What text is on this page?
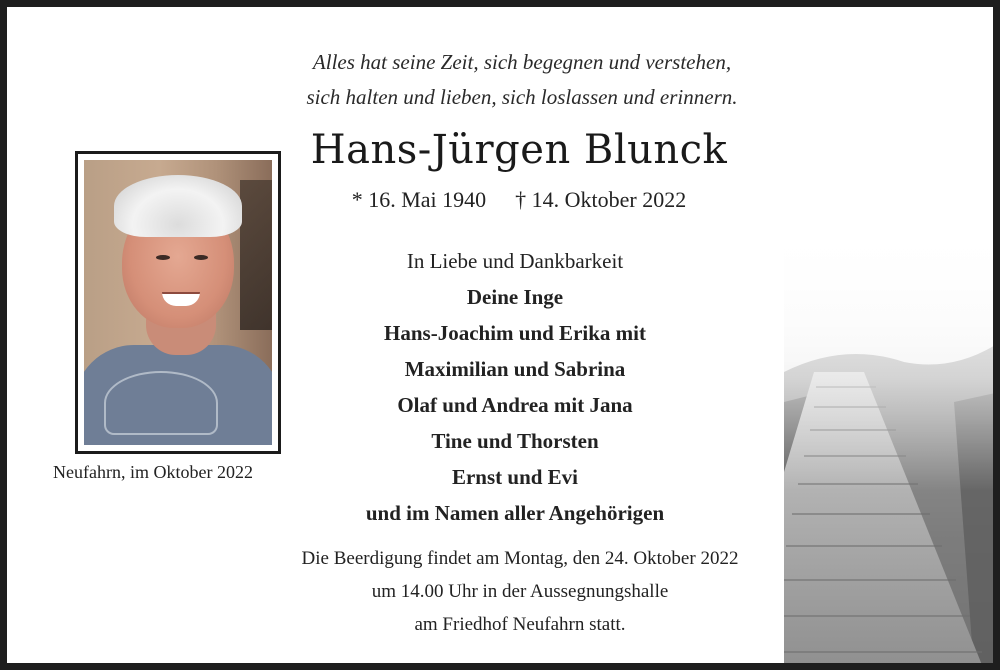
Alles hat seine Zeit, sich begegnen und verstehen,
sich halten und lieben, sich loslassen und erinnern.
Hans-Jürgen Blunck
* 16. Mai 1940 † 14. Oktober 2022
Neufahrn, im Oktober 2022
In Liebe und Dankbarkeit
Deine Inge
Hans-Joachim und Erika mit
Maximilian und Sabrina
Olaf und Andrea mit Jana
Tine und Thorsten
Ernst und Evi
und im Namen aller Angehörigen
Die Beerdigung findet am Montag, den 24. Oktober 2022
um 14.00 Uhr in der Aussegnungshalle
am Friedhof Neufahrn statt.
